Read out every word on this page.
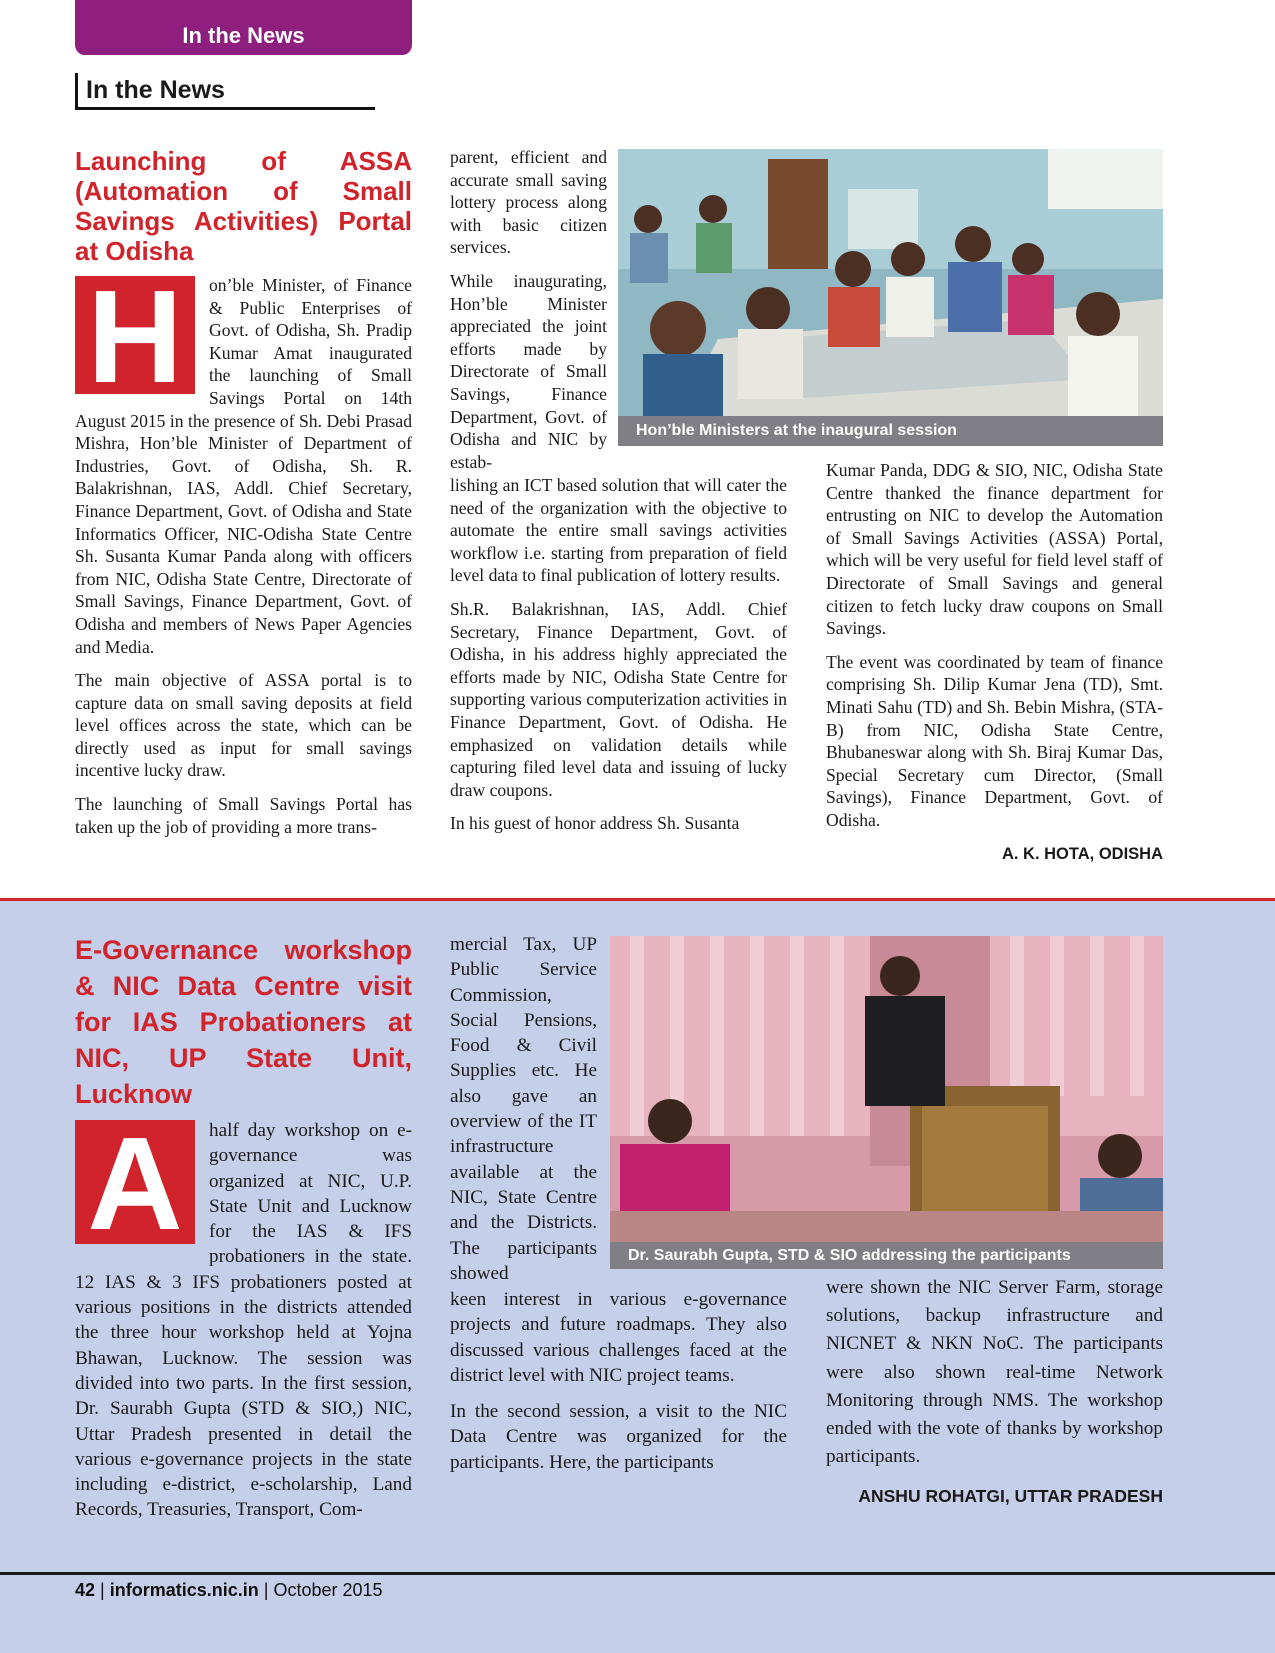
In the News
In the News
Launching of ASSA (Automation of Small Savings Activities) Portal at Odisha
H	on’ble Minister, of Finance & Public Enterprises of Govt. of Odisha, Sh. Pradip Kumar Amat inaugurated the launching of Small Savings Portal on 14th August 2015 in the presence of Sh. Debi Prasad Mishra, Hon’ble Minister of Department of Industries, Govt. of Odisha, Sh. R. Balakrishnan, IAS, Addl. Chief Secretary, Finance Department, Govt. of Odisha and State Informatics Officer, NIC-Odisha State Centre Sh. Susanta Kumar Panda along with officers from NIC, Odisha State Centre, Directorate of Small Savings, Finance Department, Govt. of Odisha and members of News Paper Agencies and Media.

The main objective of ASSA portal is to capture data on small saving deposits at field level offices across the state, which can be directly used as input for small savings incentive lucky draw.

The launching of Small Savings Portal has taken up the job of providing a more trans-

parent, efficient and accurate small saving lottery process along with basic citizen services.

While inaugurating, Hon’ble Minister appreciated the joint efforts made by Directorate of Small Savings, Finance Department, Govt. of Odisha and NIC by estab-

lishing an ICT based solution that will cater the need of the organization with the objective to automate the entire small savings activities workflow i.e. starting from preparation of field level data to final publication of lottery results.

Sh.R. Balakrishnan, IAS, Addl. Chief Secretary, Finance Department, Govt. of Odisha, in his address highly appreciated the efforts made by NIC, Odisha State Centre for supporting various computerization activities in Finance Department, Govt. of Odisha. He emphasized on validation details while capturing filed level data and issuing of lucky draw coupons.

In his guest of honor address Sh. Susanta

Hon’ble Ministers at the inaugural session

Kumar Panda, DDG & SIO, NIC, Odisha State Centre thanked the finance department for entrusting on NIC to develop the Automation of Small Savings Activities (ASSA) Portal, which will be very useful for field level staff of Directorate of Small Savings and general citizen to fetch lucky draw coupons on Small Savings.

The event was coordinated by team of finance comprising Sh. Dilip Kumar Jena (TD), Smt. Minati Sahu (TD) and Sh. Bebin Mishra, (STA-B) from NIC, Odisha State Centre, Bhubaneswar along with Sh. Biraj Kumar Das, Special Secretary cum Director, (Small Savings), Finance Department, Govt. of Odisha.

A. K. HOTA, ODISHA
E-Governance workshop & NIC Data Centre visit for IAS Probationers at NIC, UP State Unit, Lucknow
A	half day workshop on e-governance was organized at NIC, U.P. State Unit and Lucknow for the IAS & IFS probationers in the state. 12 IAS & 3 IFS probationers posted at various positions in the districts attended the three hour workshop held at Yojna Bhawan, Lucknow. The session was divided into two parts. In the first session, Dr. Saurabh Gupta (STD & SIO,) NIC, Uttar Pradesh presented in detail the various e-governance projects in the state including e-district, e-scholarship, Land Records, Treasuries, Transport, Com-

mercial Tax, UP Public Service Commission, Social Pensions, Food & Civil Supplies etc. He also gave an overview of the IT infrastructure available at the NIC, State Centre and the Districts. The participants showed

keen interest in various e-governance projects and future roadmaps. They also discussed various challenges faced at the district level with NIC project teams.

In the second session, a visit to the NIC Data Centre was organized for the participants. Here, the participants

Dr. Saurabh Gupta, STD & SIO addressing the participants

were shown the NIC Server Farm, storage solutions, backup infrastructure and NICNET & NKN NoC. The participants were also shown real-time Network Monitoring through NMS. The workshop ended with the vote of thanks by workshop participants.

ANSHU ROHATGI, UTTAR PRADESH
42 | informatics.nic.in | October 2015
